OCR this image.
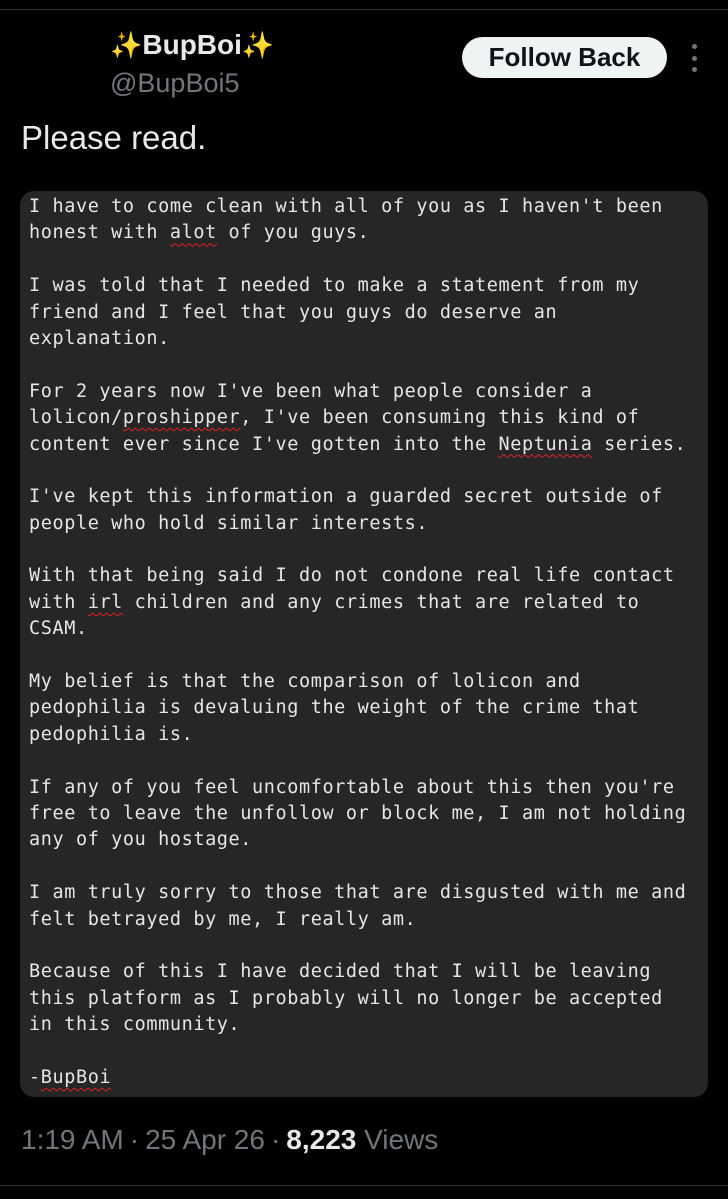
✨BupBoi✨
@BupBoi5
Follow Back
Please read.
I have to come clean with all of you as I haven't been
honest with alot of you guys.

I was told that I needed to make a statement from my
friend and I feel that you guys do deserve an
explanation.

For 2 years now I've been what people consider a
lolicon/proshipper, I've been consuming this kind of
content ever since I've gotten into the Neptunia series.

I've kept this information a guarded secret outside of
people who hold similar interests.

With that being said I do not condone real life contact
with irl children and any crimes that are related to
CSAM.

My belief is that the comparison of lolicon and
pedophilia is devaluing the weight of the crime that
pedophilia is.

If any of you feel uncomfortable about this then you're
free to leave the unfollow or block me, I am not holding
any of you hostage.

I am truly sorry to those that are disgusted with me and
felt betrayed by me, I really am.

Because of this I have decided that I will be leaving
this platform as I probably will no longer be accepted
in this community.

-BupBoi
1:19 AM · 25 Apr 26 · 8,223 Views
